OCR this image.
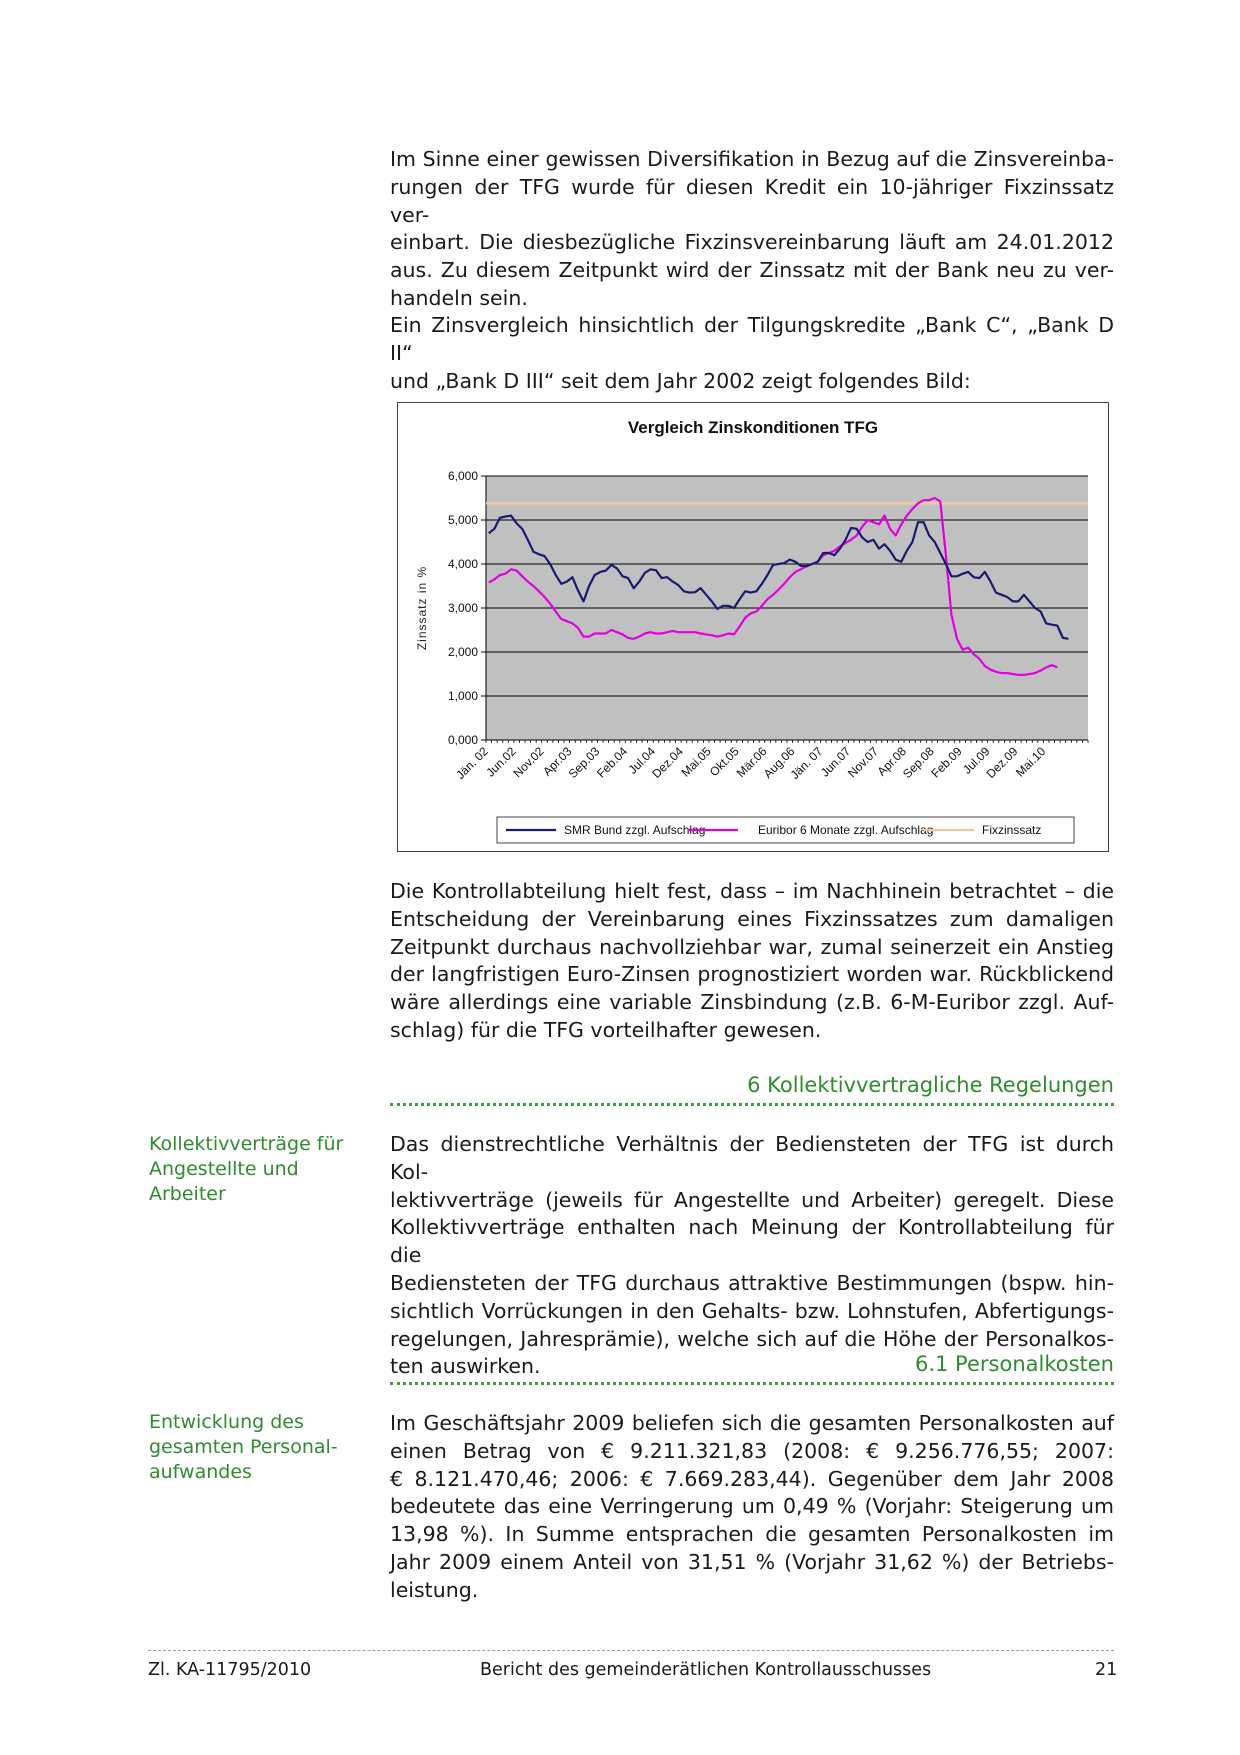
Im Sinne einer gewissen Diversifikation in Bezug auf die Zinsvereinba-
rungen der TFG wurde für diesen Kredit ein 10-jähriger Fixzinssatz ver-
einbart. Die diesbezügliche Fixzinsvereinbarung läuft am 24.01.2012
aus. Zu diesem Zeitpunkt wird der Zinssatz mit der Bank neu zu ver-
handeln sein.

Ein Zinsvergleich hinsichtlich der Tilgungskredite „Bank C“, „Bank D II“
und „Bank D III“ seit dem Jahr 2002 zeigt folgendes Bild:

Vergleich Zinskonditionen TFG
0,000
1,000
2,000
3,000
4,000
5,000
6,000
Jän. 02
Jun.02
Nov.02
Apr.03
Sep.03
Feb.04
Jul.04
Dez.04
Mai.05
Okt.05
Mär.06
Aug.06
Jän. 07
Jun.07
Nov.07
Apr.08
Sep.08
Feb.09
Jul.09
Dez.09
Mai.10
Zinssatz in %
SMR Bund zzgl. Aufschlag	Euribor 6 Monate zzgl. Aufschlag	Fixzinssatz

Die Kontrollabteilung hielt fest, dass – im Nachhinein betrachtet – die
Entscheidung der Vereinbarung eines Fixzinssatzes zum damaligen
Zeitpunkt durchaus nachvollziehbar war, zumal seinerzeit ein Anstieg
der langfristigen Euro-Zinsen prognostiziert worden war. Rückblickend
wäre allerdings eine variable Zinsbindung (z.B. 6-M-Euribor zzgl. Auf-
schlag) für die TFG vorteilhafter gewesen.

6 Kollektivvertragliche Regelungen
Kollektivverträge für
Angestellte und Arbeiter

Das dienstrechtliche Verhältnis der Bediensteten der TFG ist durch Kol-
lektivverträge (jeweils für Angestellte und Arbeiter) geregelt. Diese
Kollektivverträge enthalten nach Meinung der Kontrollabteilung für die
Bediensteten der TFG durchaus attraktive Bestimmungen (bspw. hin-
sichtlich Vorrückungen in den Gehalts- bzw. Lohnstufen, Abfertigungs-
regelungen, Jahresprämie), welche sich auf die Höhe der Personalkos-
ten auswirken.	6.1 Personalkosten
Entwicklung des
gesamten Personal-
aufwandes

Im Geschäftsjahr 2009 beliefen sich die gesamten Personalkosten auf
einen Betrag von € 9.211.321,83 (2008: € 9.256.776,55; 2007:
€ 8.121.470,46; 2006: € 7.669.283,44). Gegenüber dem Jahr 2008
bedeutete das eine Verringerung um 0,49 % (Vorjahr: Steigerung um
13,98 %). In Summe entsprachen die gesamten Personalkosten im
Jahr 2009 einem Anteil von 31,51 % (Vorjahr 31,62 %) der Betriebs-
leistung.

Zl. KA-11795/2010	Bericht des gemeinderätlichen Kontrollausschusses	21
